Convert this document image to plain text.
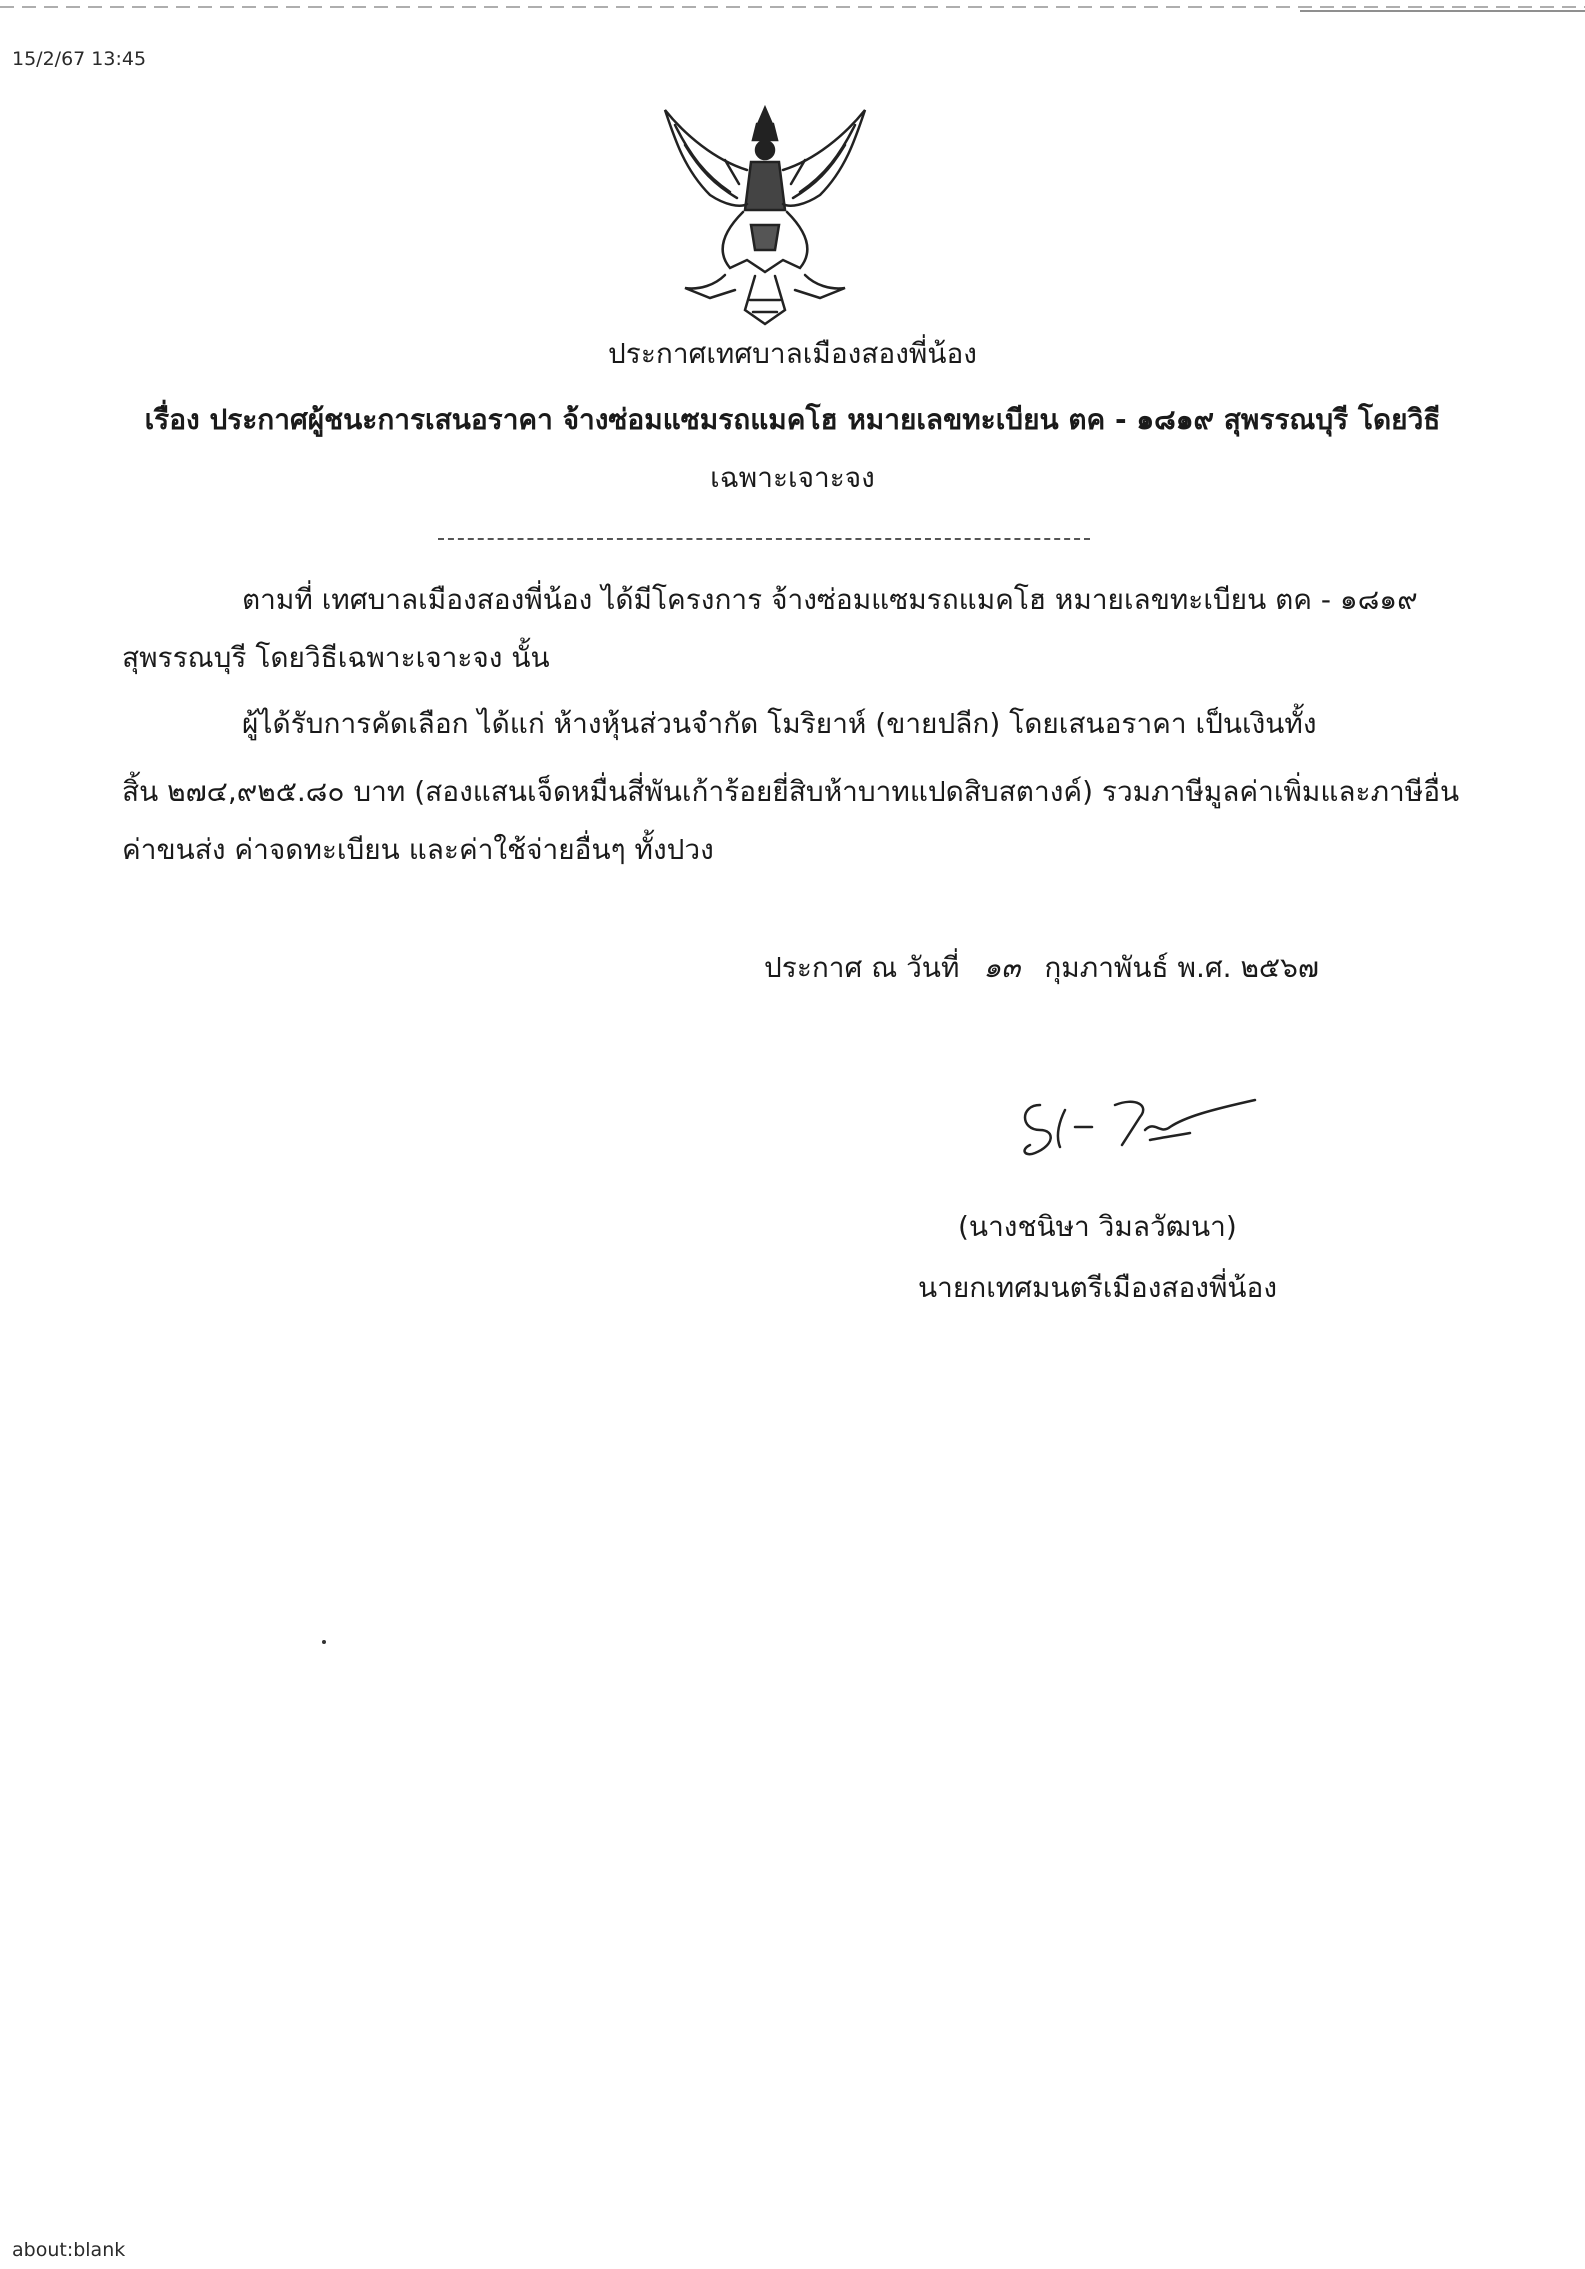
15/2/67 13:45
ประกาศเทศบาลเมืองสองพี่น้อง
เรื่อง ประกาศผู้ชนะการเสนอราคา จ้างซ่อมแซมรถแมคโฮ หมายเลขทะเบียน ตค - ๑๘๑๙ สุพรรณบุรี โดยวิธี
เฉพาะเจาะจง
ตามที่ เทศบาลเมืองสองพี่น้อง ได้มีโครงการ จ้างซ่อมแซมรถแมคโฮ หมายเลขทะเบียน ตค - ๑๘๑๙
สุพรรณบุรี โดยวิธีเฉพาะเจาะจง นั้น
ผู้ได้รับการคัดเลือก ได้แก่ ห้างหุ้นส่วนจำกัด โมริยาห์ (ขายปลีก) โดยเสนอราคา เป็นเงินทั้ง
สิ้น ๒๗๔,๙๒๕.๘๐ บาท (สองแสนเจ็ดหมื่นสี่พันเก้าร้อยยี่สิบห้าบาทแปดสิบสตางค์) รวมภาษีมูลค่าเพิ่มและภาษีอื่น
ค่าขนส่ง ค่าจดทะเบียน และค่าใช้จ่ายอื่นๆ ทั้งปวง
ประกาศ ณ วันที่ ๑๓ กุมภาพันธ์ พ.ศ. ๒๕๖๗
(นางชนิษา วิมลวัฒนา)
นายกเทศมนตรีเมืองสองพี่น้อง
about:blank
